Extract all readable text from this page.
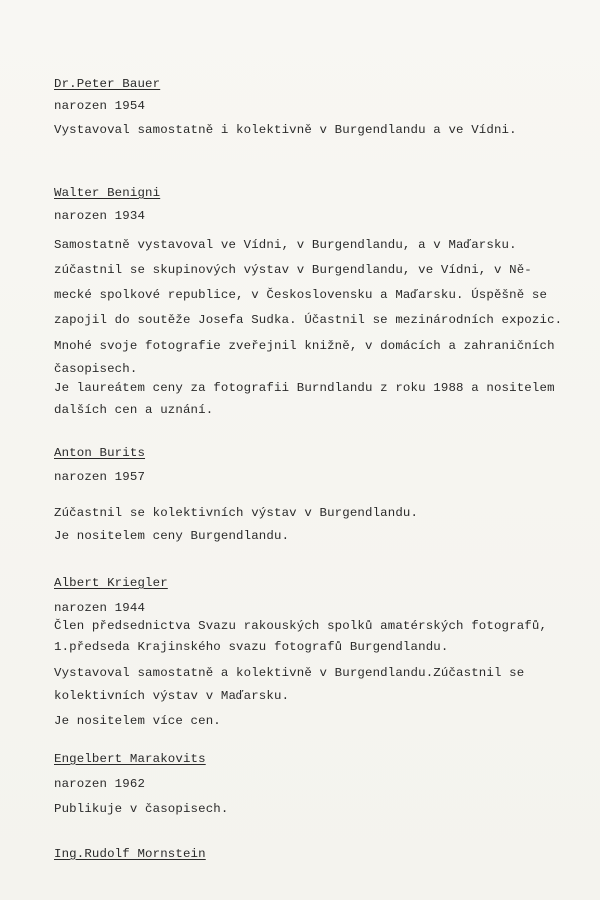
Dr.Peter Bauer
narozen 1954
Vystavoval samostatně i kolektivně v Burgendlandu a ve Vídni.
Walter Benigni
narozen 1934
Samostatně vystavoval ve Vídni, v Burgendlandu, a v Maďarsku.
zúčastnil se skupinových výstav v Burgendlandu, ve Vídni, v Ně-
mecké spolkové republice, v Československu a Maďarsku. Úspěšně se
zapojil do soutěže Josefa Sudka. Účastnil se mezinárodních expozic.
Mnohé svoje fotografie zveřejnil knižně, v domácích a zahraničních
časopisech.
Je laureátem ceny za fotografii Burndlandu z roku 1988 a nositelem
dalších cen a uznání.
Anton Burits
narozen 1957
Zúčastnil se kolektivních výstav v Burgendlandu.
Je nositelem ceny Burgendlandu.
Albert Kriegler
narozen 1944
Člen předsednictva Svazu rakouských spolků amatérských fotografů,
1.předseda Krajinského svazu fotografů Burgendlandu.
Vystavoval samostatně a kolektivně v Burgendlandu.Zúčastnil se
kolektivních výstav v Maďarsku.
Je nositelem více cen.
Engelbert Marakovits
narozen 1962
Publikuje v časopisech.
Ing.Rudolf Mornstein
